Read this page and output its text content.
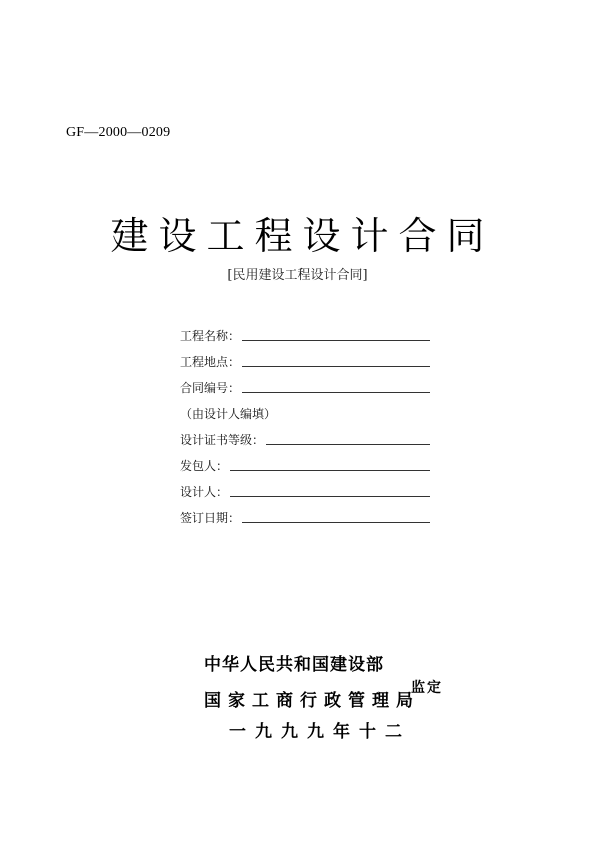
GF—2000—0209
建设工程设计合同
[民用建设工程设计合同]
工程名称：
工程地点：
合同编号：
（由设计人编填）
设计证书等级：
发包人：
设计人：
签订日期：
中华人民共和国建设部
国家工商行政管理局
监定
一九九九年十二
